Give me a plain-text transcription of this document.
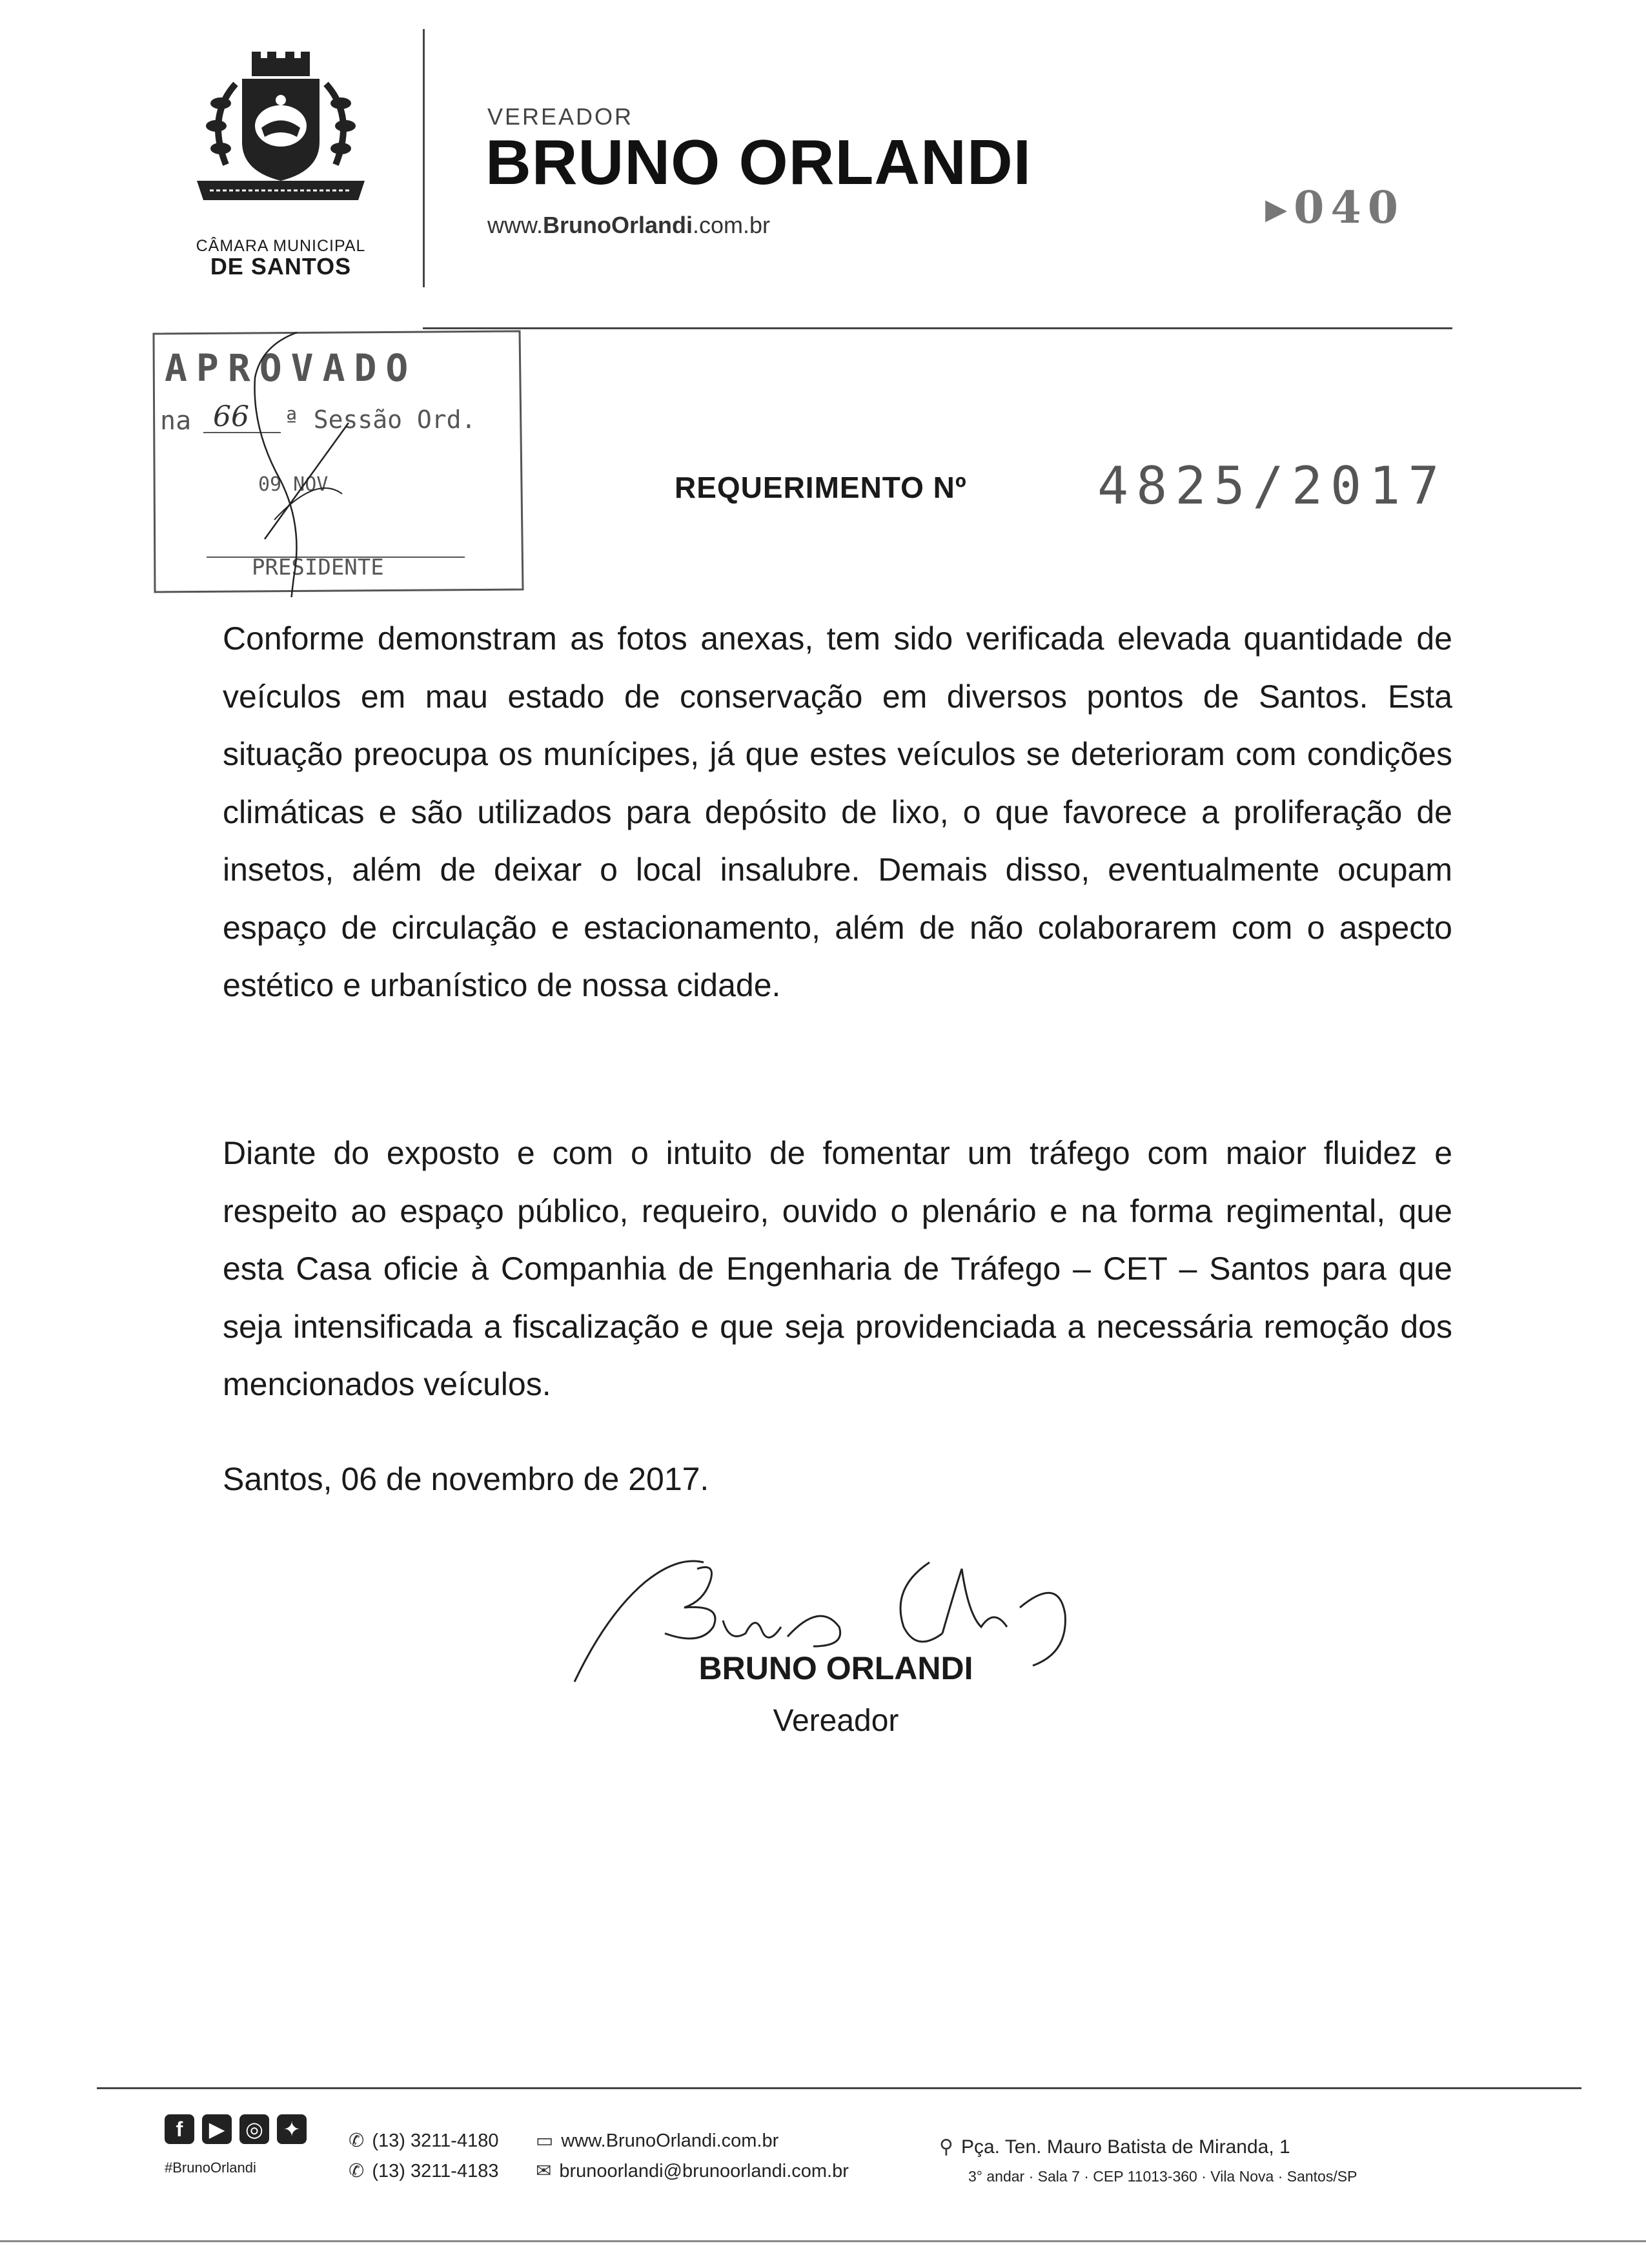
CÂMARA MUNICIPAL
DE SANTOS
VEREADOR
BRUNO ORLANDI
www.BrunoOrlandi.com.br	▸040
APROVADO
na 66 ª Sessão Ord.
09 NOV
PRESIDENTE
REQUERIMENTO Nº	4825/2017

Conforme demonstram as fotos anexas, tem sido verificada elevada quantidade de veículos em mau estado de conservação em diversos pontos de Santos. Esta situação preocupa os munícipes, já que estes veículos se deterioram com condições climáticas e são utilizados para depósito de lixo, o que favorece a proliferação de insetos, além de deixar o local insalubre. Demais disso, eventualmente ocupam espaço de circulação e estacionamento, além de não colaborarem com o aspecto estético e urbanístico de nossa cidade.

Diante do exposto e com o intuito de fomentar um tráfego com maior fluidez e respeito ao espaço público, requeiro, ouvido o plenário e na forma regimental, que esta Casa oficie à Companhia de Engenharia de Tráfego – CET – Santos para que seja intensificada a fiscalização e que seja providenciada a necessária remoção dos mencionados veículos.

Santos, 06 de novembro de 2017.
BRUNO ORLANDI
Vereador
f ▶ ◎ ✦
#BrunoOrlandi
✆ (13) 3211-4180
✆ (13) 3211-4183
▭ www.BrunoOrlandi.com.br
✉ brunoorlandi@brunoorlandi.com.br
⚲ Pça. Ten. Mauro Batista de Miranda, 1
3° andar · Sala 7 · CEP 11013-360 · Vila Nova · Santos/SP
